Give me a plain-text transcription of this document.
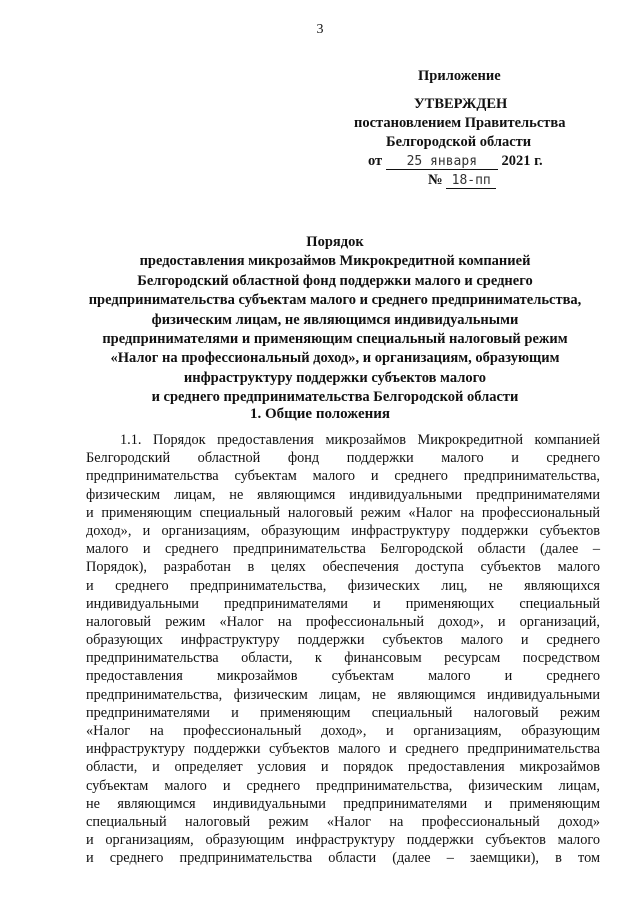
3
Приложение
УТВЕРЖДЕН
постановлением Правительства
Белгородской области
от 25 января 2021 г.
№ 18-пп
Порядок
предоставления микрозаймов Микрокредитной компанией
Белгородский областной фонд поддержки малого и среднего
предпринимательства субъектам малого и среднего предпринимательства,
физическим лицам, не являющимся индивидуальными
предпринимателями и применяющим специальный налоговый режим
«Налог на профессиональный доход», и организациям, образующим
инфраструктуру поддержки субъектов малого
и среднего предпринимательства Белгородской области
1. Общие положения
1.1. Порядок предоставления микрозаймов Микрокредитной компанией
Белгородский областной фонд поддержки малого и среднего
предпринимательства субъектам малого и среднего предпринимательства,
физическим лицам, не являющимся индивидуальными предпринимателями
и применяющим специальный налоговый режим «Налог на профессиональный
доход», и организациям, образующим инфраструктуру поддержки субъектов
малого и среднего предпринимательства Белгородской области (далее –
Порядок), разработан в целях обеспечения доступа субъектов малого
и среднего предпринимательства, физических лиц, не являющихся
индивидуальными предпринимателями и применяющих специальный
налоговый режим «Налог на профессиональный доход», и организаций,
образующих инфраструктуру поддержки субъектов малого и среднего
предпринимательства области, к финансовым ресурсам посредством
предоставления микрозаймов субъектам малого и среднего
предпринимательства, физическим лицам, не являющимся индивидуальными
предпринимателями и применяющим специальный налоговый режим
«Налог на профессиональный доход», и организациям, образующим
инфраструктуру поддержки субъектов малого и среднего предпринимательства
области, и определяет условия и порядок предоставления микрозаймов
субъектам малого и среднего предпринимательства, физическим лицам,
не являющимся индивидуальными предпринимателями и применяющим
специальный налоговый режим «Налог на профессиональный доход»
и организациям, образующим инфраструктуру поддержки субъектов малого
и среднего предпринимательства области (далее – заемщики), в том
